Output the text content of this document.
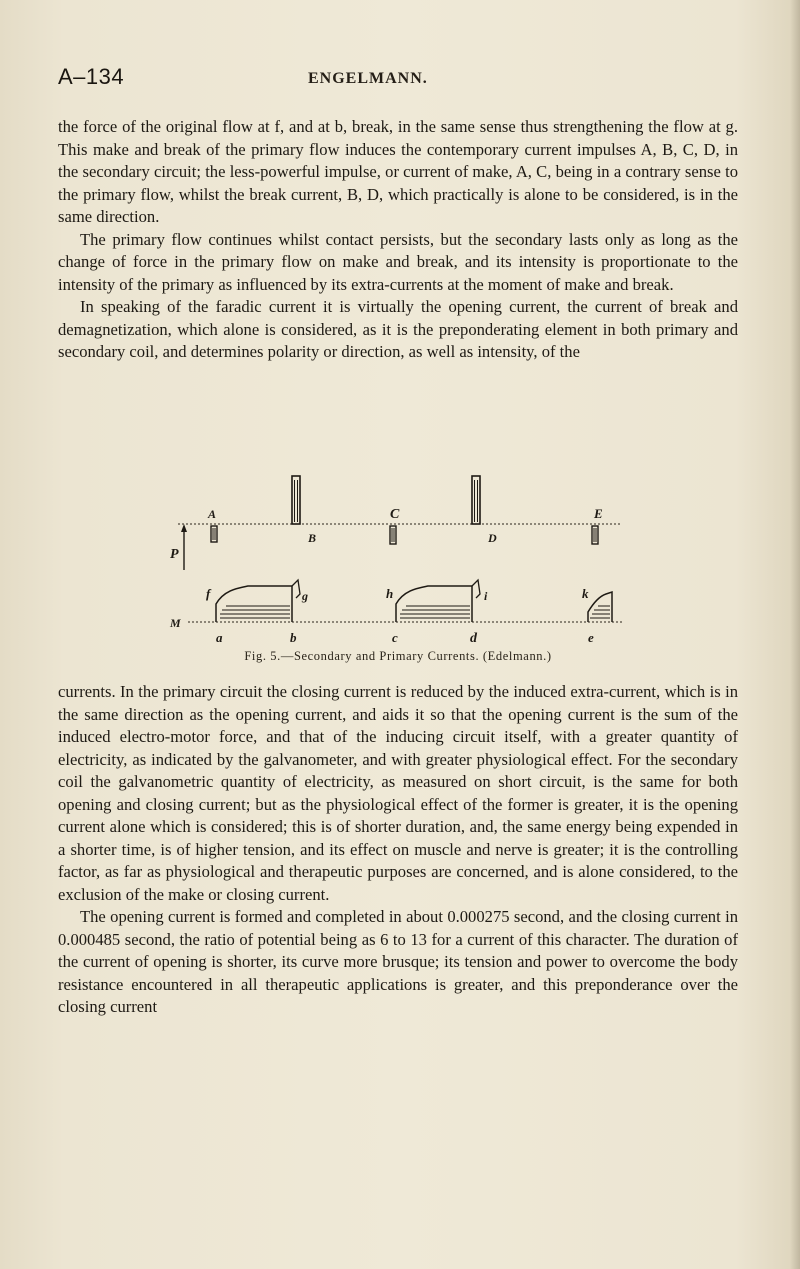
A–134	ENGELMANN.

the force of the original flow at f, and at b, break, in the same sense thus strengthening the flow at g. This make and break of the primary flow induces the contemporary current impulses A, B, C, D, in the secondary circuit; the less-powerful impulse, or current of make, A, C, being in a contrary sense to the primary flow, whilst the break current, B, D, which practically is alone to be considered, is in the same direction.

The primary flow continues whilst contact persists, but the secondary lasts only as long as the change of force in the primary flow on make and break, and its intensity is proportionate to the intensity of the primary as influenced by its extra-currents at the moment of make and break.

In speaking of the faradic current it is virtually the opening current, the current of break and demagnetization, which alone is considered, as it is the preponderating element in both primary and secondary coil, and determines polarity or direction, as well as intensity, of the

A
B
C
D
E
P
M
f	g	h	i	k
a	b	c	d	e
Fig. 5.—Secondary and Primary Currents. (Edelmann.)

currents. In the primary circuit the closing current is reduced by the induced extra-current, which is in the same direction as the opening current, and aids it so that the opening current is the sum of the induced electro-motor force, and that of the inducing circuit itself, with a greater quantity of electricity, as indicated by the galvanometer, and with greater physiological effect. For the secondary coil the galvanometric quantity of electricity, as measured on short circuit, is the same for both opening and closing current; but as the physiological effect of the former is greater, it is the opening current alone which is considered; this is of shorter duration, and, the same energy being expended in a shorter time, is of higher tension, and its effect on muscle and nerve is greater; it is the controlling factor, as far as physiological and therapeutic purposes are concerned, and is alone considered, to the exclusion of the make or closing current.

The opening current is formed and completed in about 0.000275 second, and the closing current in 0.000485 second, the ratio of potential being as 6 to 13 for a current of this character. The duration of the current of opening is shorter, its curve more brusque; its tension and power to overcome the body resistance encountered in all therapeutic applications is greater, and this preponderance over the closing current
